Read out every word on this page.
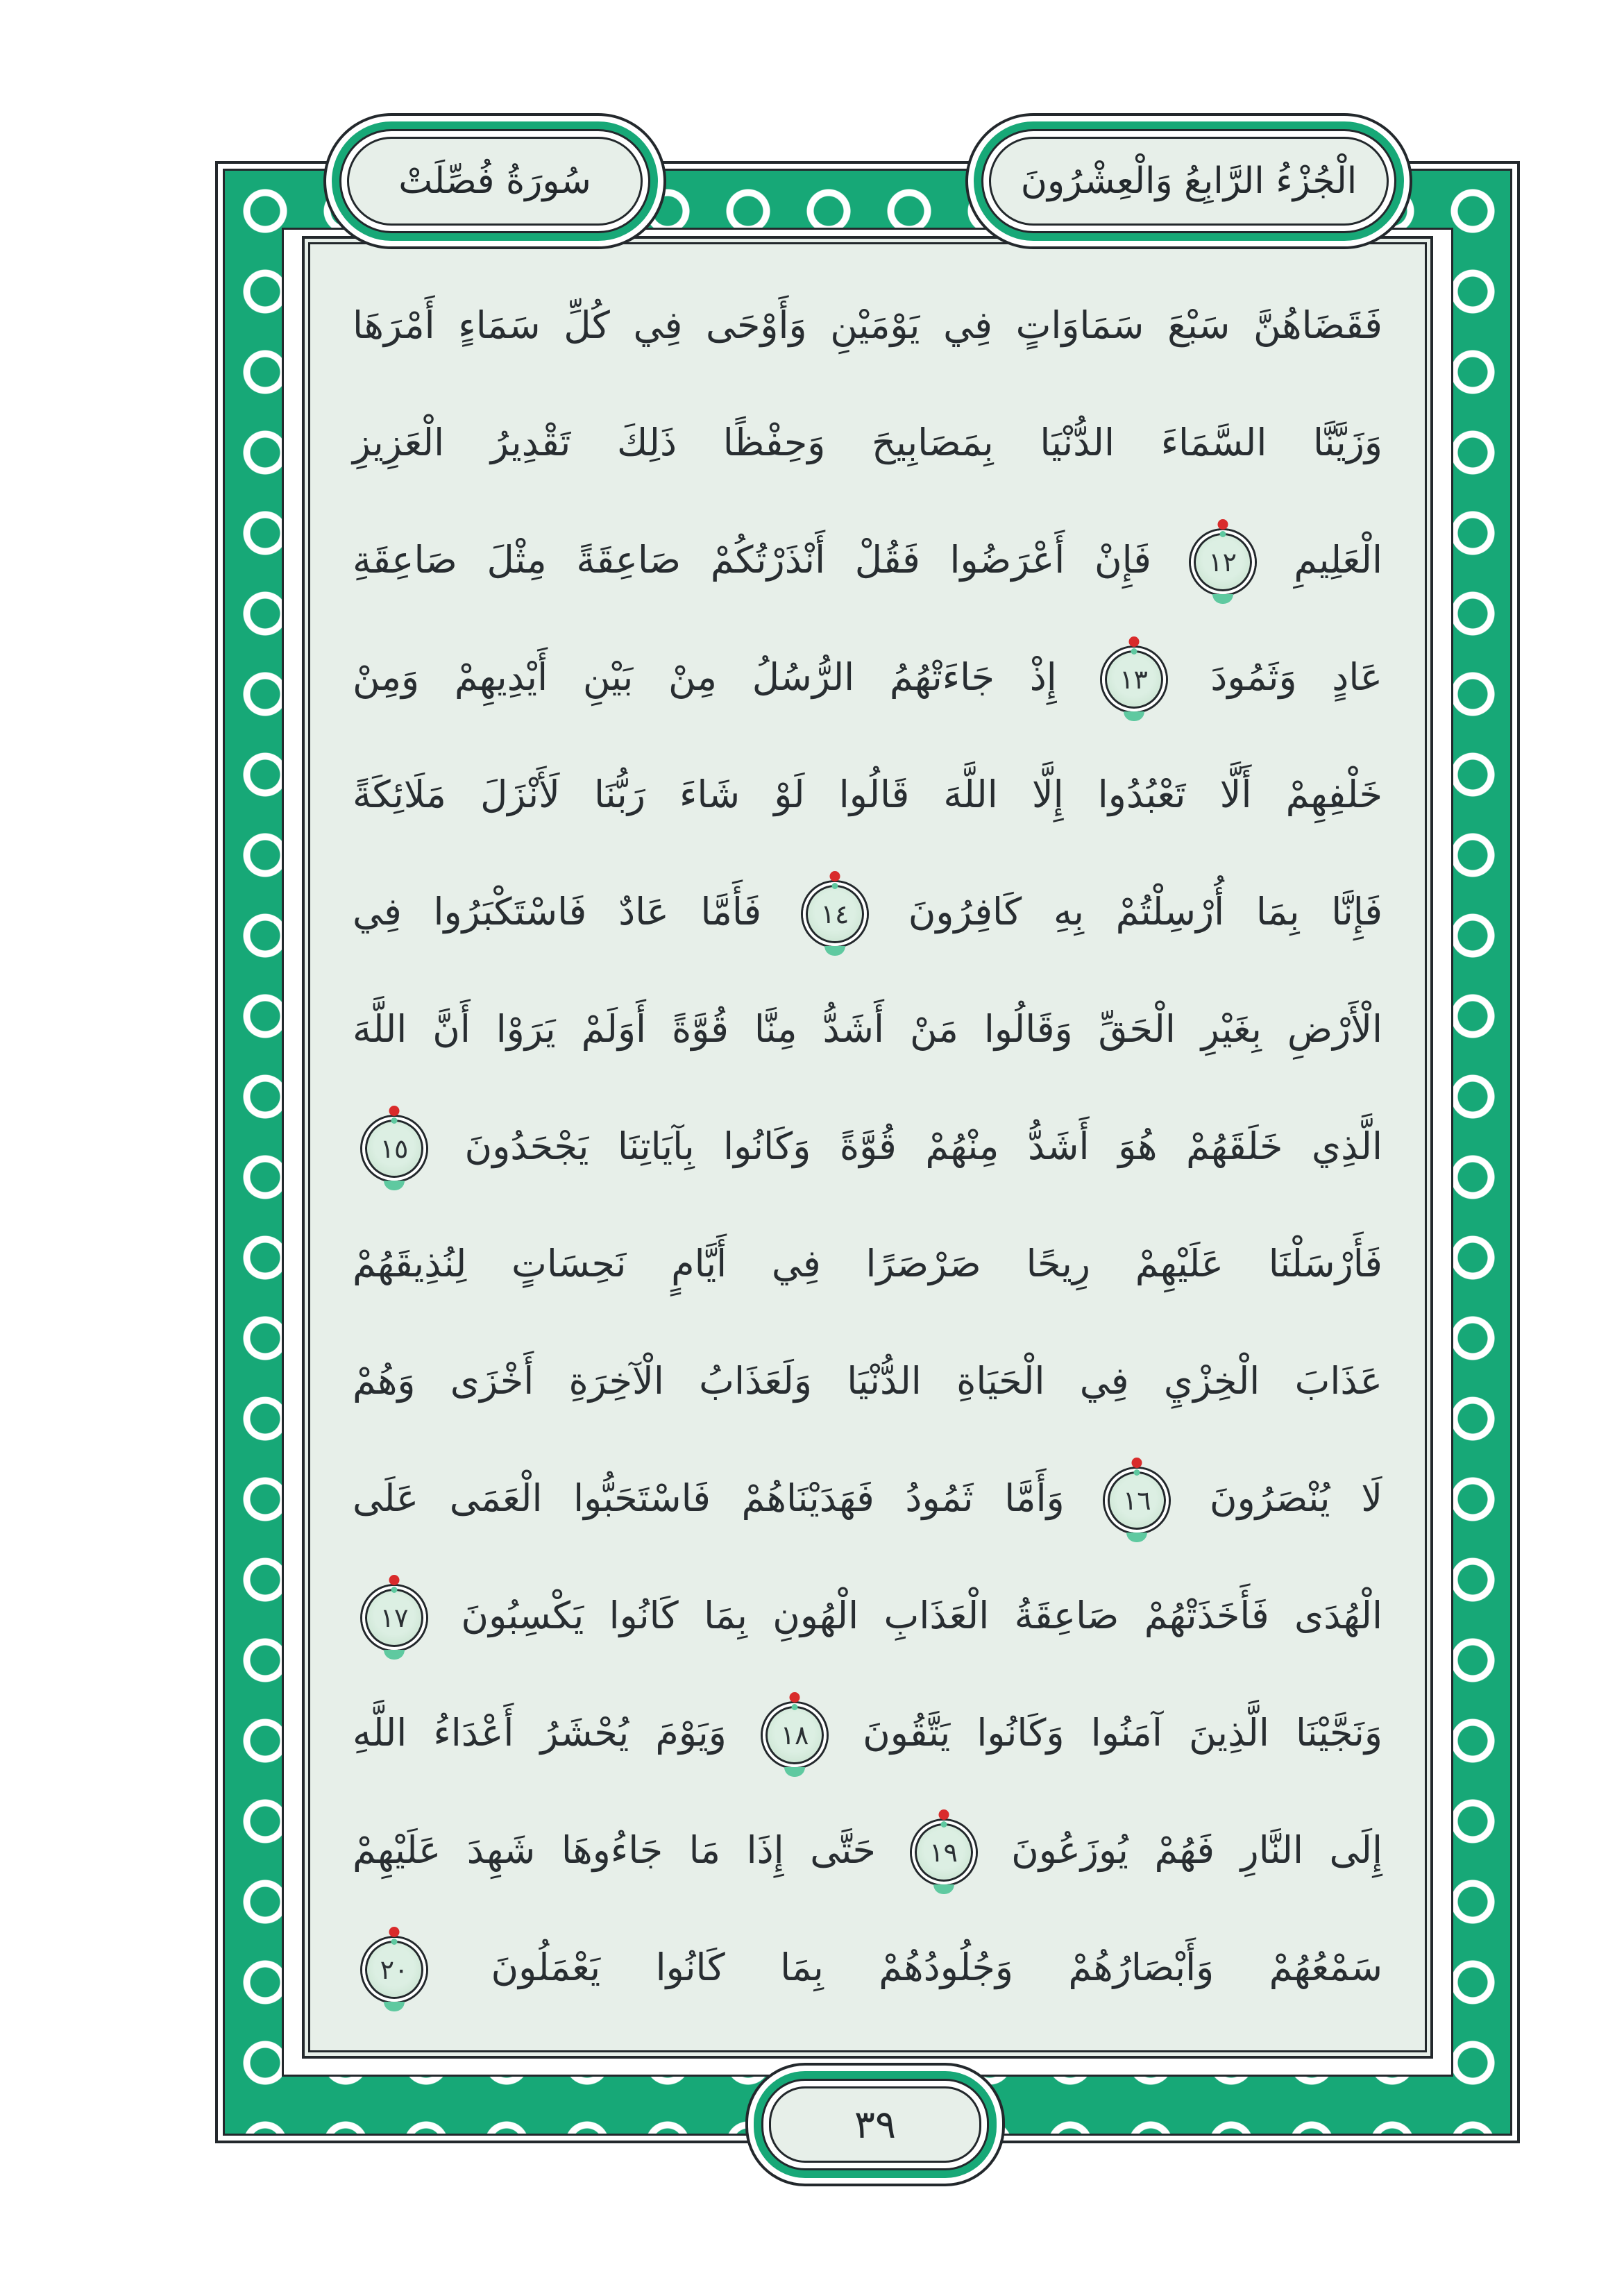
الْجُزْءُ الرَّابِعُ وَالْعِشْرُونَ
سُورَةُ فُصِّلَتْ
٣٩
فَقَضَاهُنَّ سَبْعَ سَمَاوَاتٍ فِي يَوْمَيْنِ وَأَوْحَى فِي كُلِّ سَمَاءٍ أَمْرَهَا
وَزَيَّنَّا السَّمَاءَ الدُّنْيَا بِمَصَابِيحَ وَحِفْظًا ذَلِكَ تَقْدِيرُ الْعَزِيزِ
الْعَلِيمِ
١٢
فَإِنْ أَعْرَضُوا فَقُلْ أَنْذَرْتُكُمْ صَاعِقَةً مِثْلَ صَاعِقَةِ
عَادٍ وَثَمُودَ
١٣
إِذْ جَاءَتْهُمُ الرُّسُلُ مِنْ بَيْنِ أَيْدِيهِمْ وَمِنْ
خَلْفِهِمْ أَلَّا تَعْبُدُوا إِلَّا اللَّهَ قَالُوا لَوْ شَاءَ رَبُّنَا لَأَنْزَلَ مَلَائِكَةً
فَإِنَّا بِمَا أُرْسِلْتُمْ بِهِ كَافِرُونَ
١٤
فَأَمَّا عَادٌ فَاسْتَكْبَرُوا فِي
الْأَرْضِ بِغَيْرِ الْحَقِّ وَقَالُوا مَنْ أَشَدُّ مِنَّا قُوَّةً أَوَلَمْ يَرَوْا أَنَّ اللَّهَ
الَّذِي خَلَقَهُمْ هُوَ أَشَدُّ مِنْهُمْ قُوَّةً وَكَانُوا بِآيَاتِنَا يَجْحَدُونَ
١٥
فَأَرْسَلْنَا عَلَيْهِمْ رِيحًا صَرْصَرًا فِي أَيَّامٍ نَحِسَاتٍ لِنُذِيقَهُمْ
عَذَابَ الْخِزْيِ فِي الْحَيَاةِ الدُّنْيَا وَلَعَذَابُ الْآخِرَةِ أَخْزَى وَهُمْ
لَا يُنْصَرُونَ
١٦
وَأَمَّا ثَمُودُ فَهَدَيْنَاهُمْ فَاسْتَحَبُّوا الْعَمَى عَلَى
الْهُدَى فَأَخَذَتْهُمْ صَاعِقَةُ الْعَذَابِ الْهُونِ بِمَا كَانُوا يَكْسِبُونَ
١٧
وَنَجَّيْنَا الَّذِينَ آمَنُوا وَكَانُوا يَتَّقُونَ
١٨
وَيَوْمَ يُحْشَرُ أَعْدَاءُ اللَّهِ
إِلَى النَّارِ فَهُمْ يُوزَعُونَ
١٩
حَتَّى إِذَا مَا جَاءُوهَا شَهِدَ عَلَيْهِمْ
سَمْعُهُمْ وَأَبْصَارُهُمْ وَجُلُودُهُمْ بِمَا كَانُوا يَعْمَلُونَ
٢٠
